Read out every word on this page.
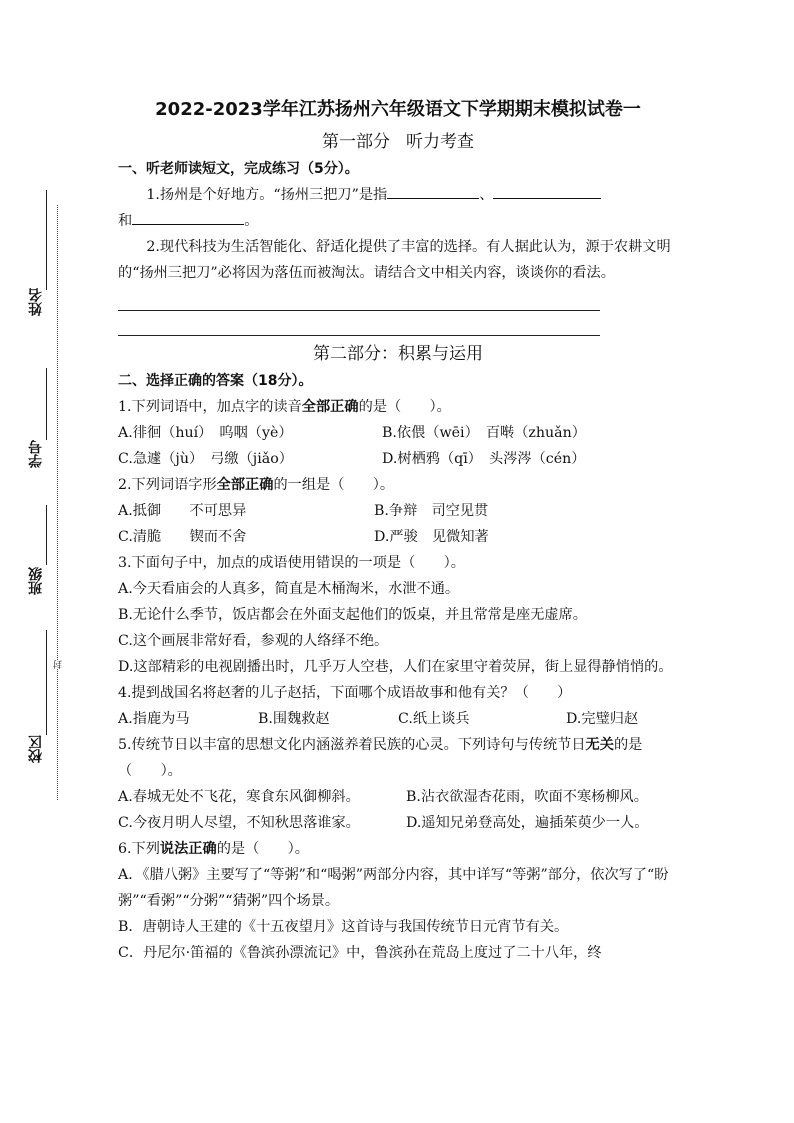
封
姓名
学号
班级
校区
2022-2023学年江苏扬州六年级语文下学期期末模拟试卷一

第一部分 听力考查

一、听老师读短文，完成练习（5分）。

1.扬州是个好地方。“扬州三把刀”是指	、

和	。

2.现代科技为生活智能化、舒适化提供了丰富的选择。有人据此认为，源于农耕文明的“扬州三把刀”必将因为落伍而被淘汰。请结合文中相关内容，谈谈你的看法。

第二部分：积累与运用

二、选择正确的答案（18分）。

1.下列词语中，加点字的读音全部正确的是（　　）。

A.徘徊（huí）　呜咽（yè）	B.依偎（wēi）　百啭（zhuǎn）
C.急遽（jù）　弓缴（jiǎo）	D.树栖鸦（qī）　头涔涔（cén）

2.下列词语字形全部正确的一组是（　　）。

A.抵御　　不可思异	B.争辩　司空见贯
C.清脆　　锲而不舍	D.严骏　见微知著

3.下面句子中，加点的成语使用错误的一项是（　　）。

A.今天看庙会的人真多，简直是木桶淘米，水泄不通。

B.无论什么季节，饭店都会在外面支起他们的饭桌，并且常常是座无虚席。

C.这个画展非常好看，参观的人络绎不绝。

D.这部精彩的电视剧播出时，几乎万人空巷，人们在家里守着荧屏，街上显得静悄悄的。

4.提到战国名将赵奢的儿子赵括，下面哪个成语故事和他有关？（　　）

A.指鹿为马	B.围魏救赵	C.纸上谈兵	D.完璧归赵

5.传统节日以丰富的思想文化内涵滋养着民族的心灵。下列诗句与传统节日无关的是（　　）。

A.春城无处不飞花，寒食东风御柳斜。	B.沾衣欲湿杏花雨，吹面不寒杨柳风。
C.今夜月明人尽望，不知秋思落谁家。	D.遥知兄弟登高处，遍插茱萸少一人。

6.下列说法正确的是（　　）。

A．《腊八粥》主要写了“等粥”和“喝粥”两部分内容，其中详写“等粥”部分，依次写了“盼粥”“看粥”“分粥”“猜粥”四个场景。

B．唐朝诗人王建的《十五夜望月》这首诗与我国传统节日元宵节有关。

C．丹尼尔·笛福的《鲁滨孙漂流记》中，鲁滨孙在荒岛上度过了二十八年，终
